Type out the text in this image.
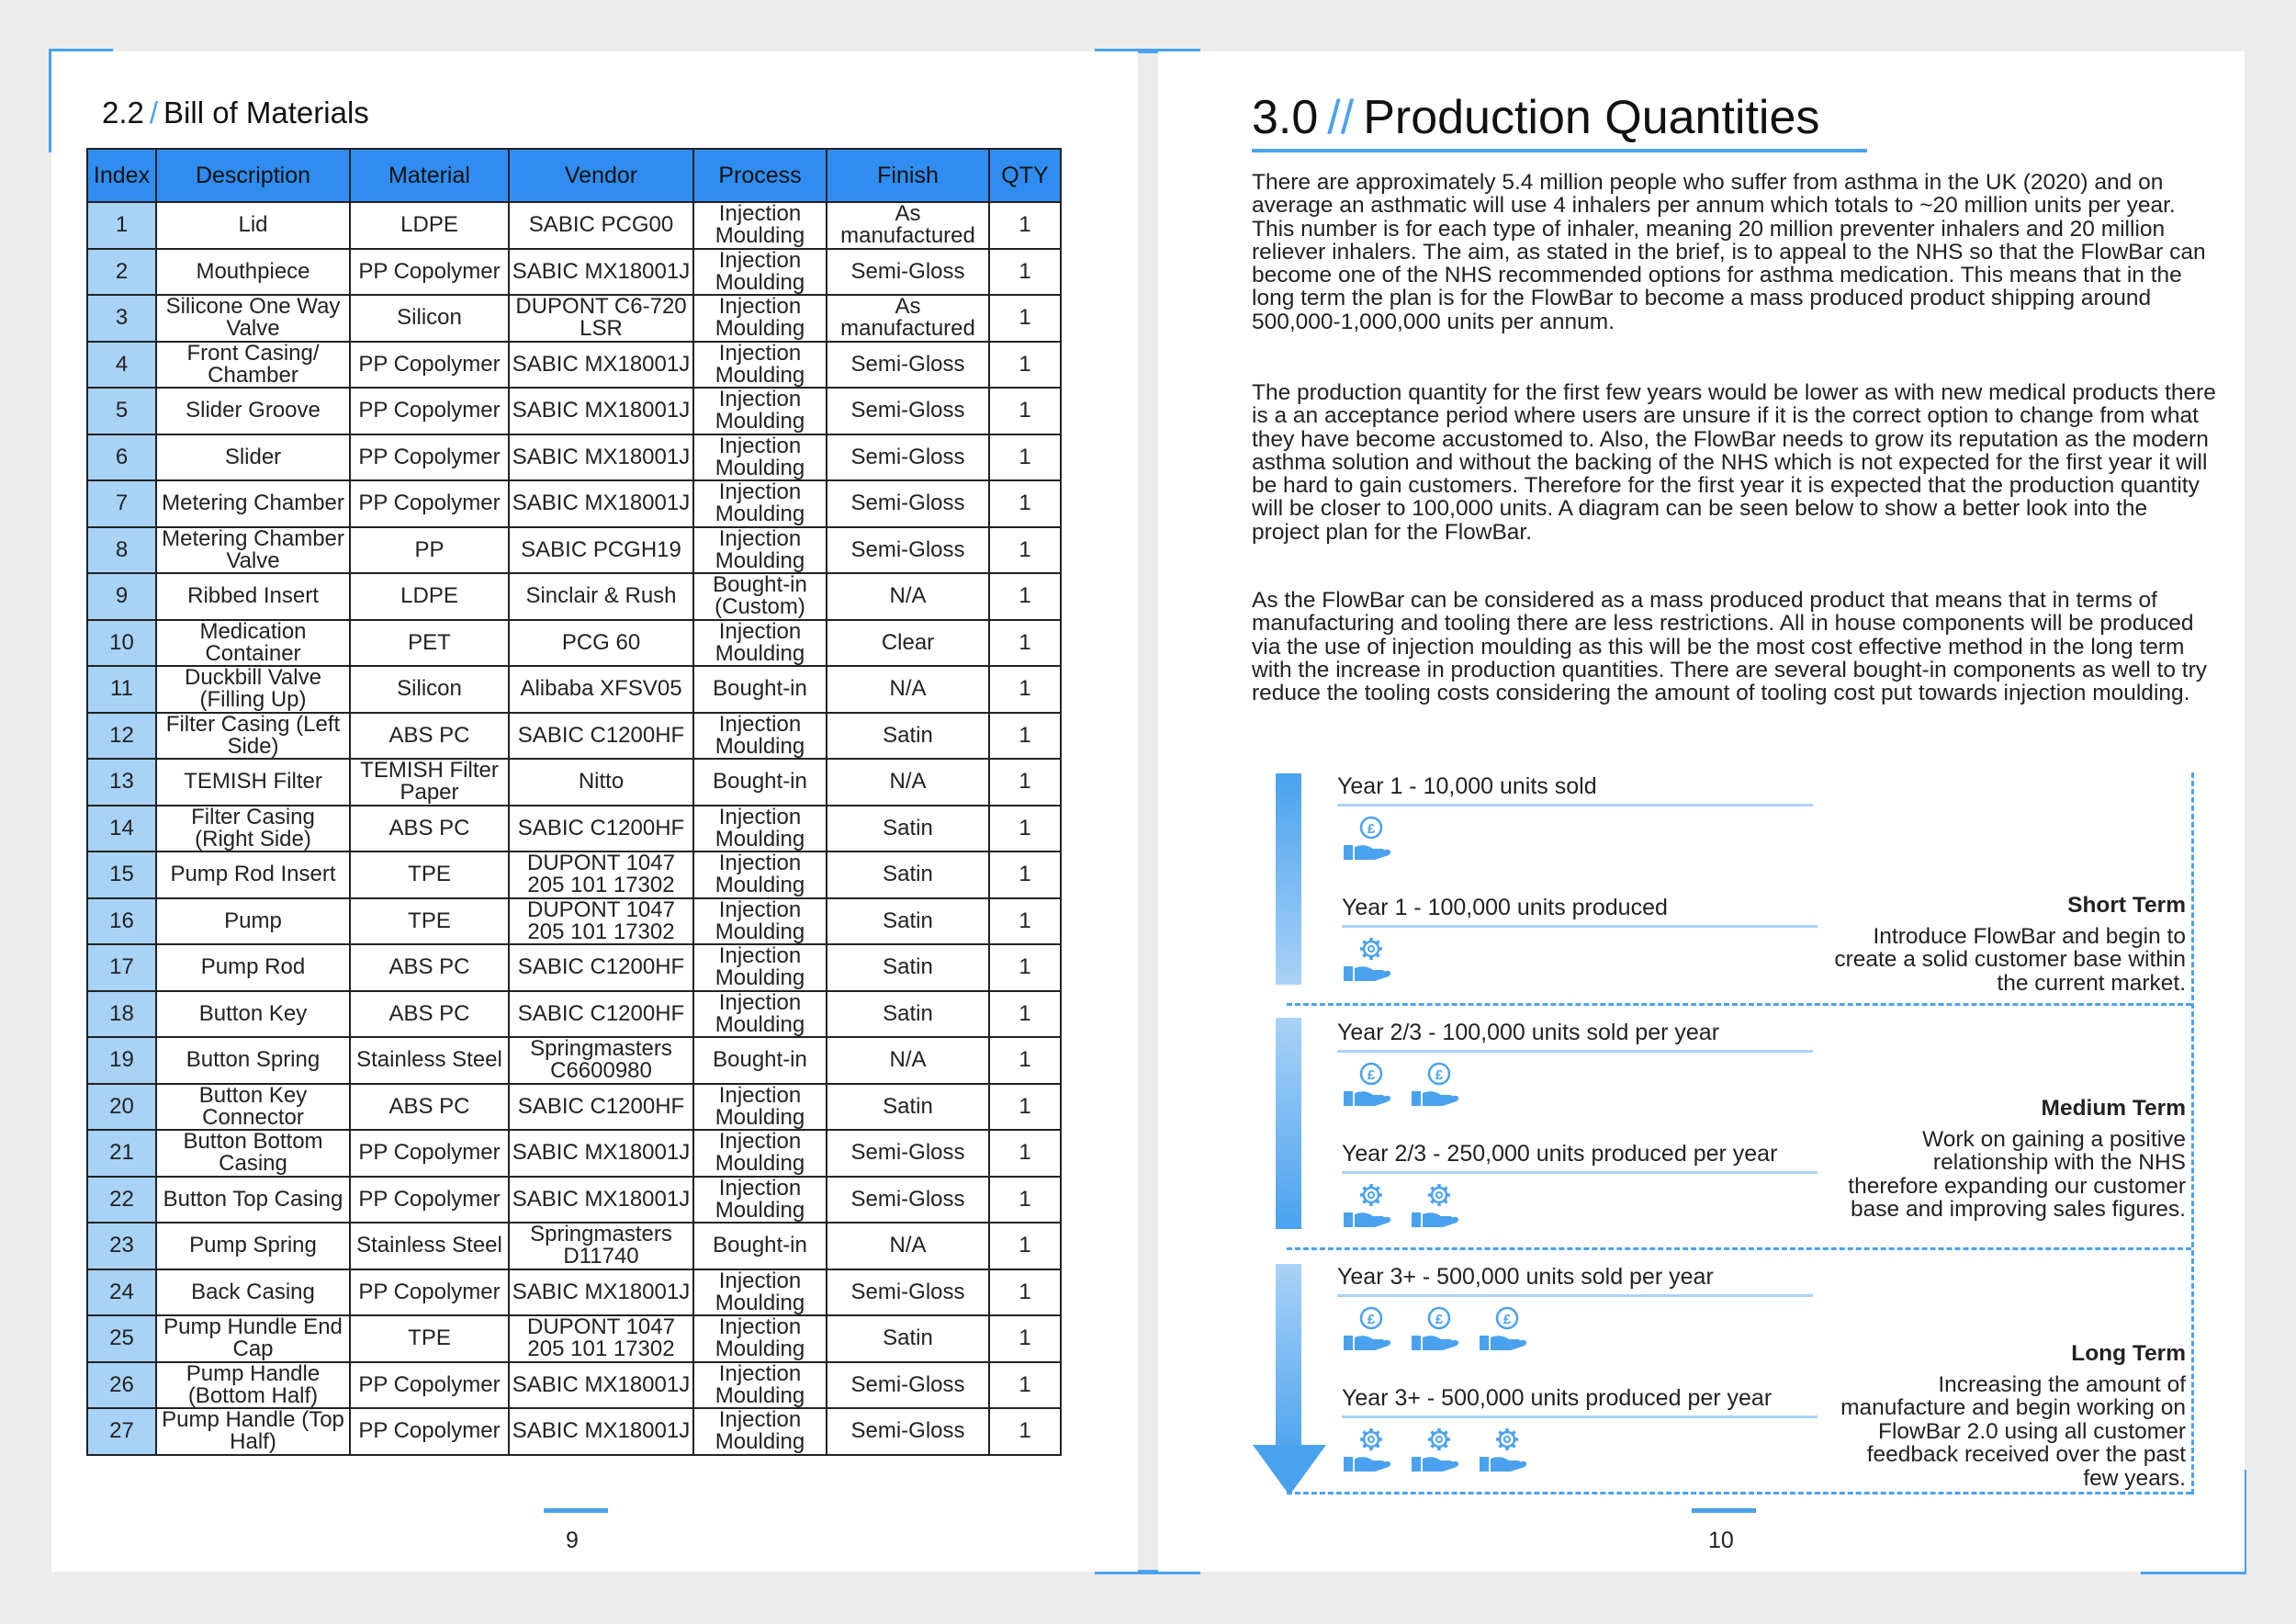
2.2 / Bill of Materials
Index	Description	Material	Vendor	Process	Finish	QTY
1	Lid	LDPE	SABIC PCG00	Injection Moulding	As manufactured	1
2	Mouthpiece	PP Copolymer	SABIC MX18001J	Injection Moulding	Semi-Gloss	1
3	Silicone One Way Valve	Silicon	DUPONT C6-720 LSR	Injection Moulding	As manufactured	1
4	Front Casing/ Chamber	PP Copolymer	SABIC MX18001J	Injection Moulding	Semi-Gloss	1
5	Slider Groove	PP Copolymer	SABIC MX18001J	Injection Moulding	Semi-Gloss	1
6	Slider	PP Copolymer	SABIC MX18001J	Injection Moulding	Semi-Gloss	1
7	Metering Chamber	PP Copolymer	SABIC MX18001J	Injection Moulding	Semi-Gloss	1
8	Metering Chamber Valve	PP	SABIC PCGH19	Injection Moulding	Semi-Gloss	1
9	Ribbed Insert	LDPE	Sinclair & Rush	Bought-in (Custom)	N/A	1
10	Medication Container	PET	PCG 60	Injection Moulding	Clear	1
11	Duckbill Valve (Filling Up)	Silicon	Alibaba XFSV05	Bought-in	N/A	1
12	Filter Casing (Left Side)	ABS PC	SABIC C1200HF	Injection Moulding	Satin	1
13	TEMISH Filter	TEMISH Filter Paper	Nitto	Bought-in	N/A	1
14	Filter Casing (Right Side)	ABS PC	SABIC C1200HF	Injection Moulding	Satin	1
15	Pump Rod Insert	TPE	DUPONT 1047 205 101 17302	Injection Moulding	Satin	1
16	Pump	TPE	DUPONT 1047 205 101 17302	Injection Moulding	Satin	1
17	Pump Rod	ABS PC	SABIC C1200HF	Injection Moulding	Satin	1
18	Button Key	ABS PC	SABIC C1200HF	Injection Moulding	Satin	1
19	Button Spring	Stainless Steel	Springmasters C6600980	Bought-in	N/A	1
20	Button Key Connector	ABS PC	SABIC C1200HF	Injection Moulding	Satin	1
21	Button Bottom Casing	PP Copolymer	SABIC MX18001J	Injection Moulding	Semi-Gloss	1
22	Button Top Casing	PP Copolymer	SABIC MX18001J	Injection Moulding	Semi-Gloss	1
23	Pump Spring	Stainless Steel	Springmasters D11740	Bought-in	N/A	1
24	Back Casing	PP Copolymer	SABIC MX18001J	Injection Moulding	Semi-Gloss	1
25	Pump Hundle End Cap	TPE	DUPONT 1047 205 101 17302	Injection Moulding	Satin	1
26	Pump Handle (Bottom Half)	PP Copolymer	SABIC MX18001J	Injection Moulding	Semi-Gloss	1
27	Pump Handle (Top Half)	PP Copolymer	SABIC MX18001J	Injection Moulding	Semi-Gloss	1
9
3.0 // Production Quantities

There are approximately 5.4 million people who suffer from asthma in the UK (2020) and on average an asthmatic will use 4 inhalers per annum which totals to ~20 million units per year. This number is for each type of inhaler, meaning 20 million preventer inhalers and 20 million reliever inhalers. The aim, as stated in the brief, is to appeal to the NHS so that the FlowBar can become one of the NHS recommended options for asthma medication. This means that in the long term the plan is for the FlowBar to become a mass produced product shipping around 500,000-1,000,000 units per annum.

The production quantity for the first few years would be lower as with new medical products there is a an acceptance period where users are unsure if it is the correct option to change from what they have become accustomed to. Also, the FlowBar needs to grow its reputation as the modern asthma solution and without the backing of the NHS which is not expected for the first year it will be hard to gain customers. Therefore for the first year it is expected that the production quantity will be closer to 100,000 units. A diagram can be seen below to show a better look into the project plan for the FlowBar.

As the FlowBar can be considered as a mass produced product that means that in terms of manufacturing and tooling there are less restrictions. All in house components will be produced via the use of injection moulding as this will be the most cost effective method in the long term with the increase in production quantities. There are several bought-in components as well to try reduce the tooling costs considering the amount of tooling cost put towards injection moulding.

Year 1 - 10,000 units sold
£
Year 1 - 100,000 units produced	Short Term
Introduce FlowBar and begin to create a solid customer base within the current market.
Year 2/3 - 100,000 units sold per year
£	£
Year 2/3 - 250,000 units produced per year
Medium Term
Work on gaining a positive relationship with the NHS therefore expanding our customer base and improving sales figures.
Year 3+ - 500,000 units sold per year
£	£	£
Year 3+ - 500,000 units produced per year
Long Term
Increasing the amount of manufacture and begin working on FlowBar 2.0 using all customer feedback received over the past few years.
10
